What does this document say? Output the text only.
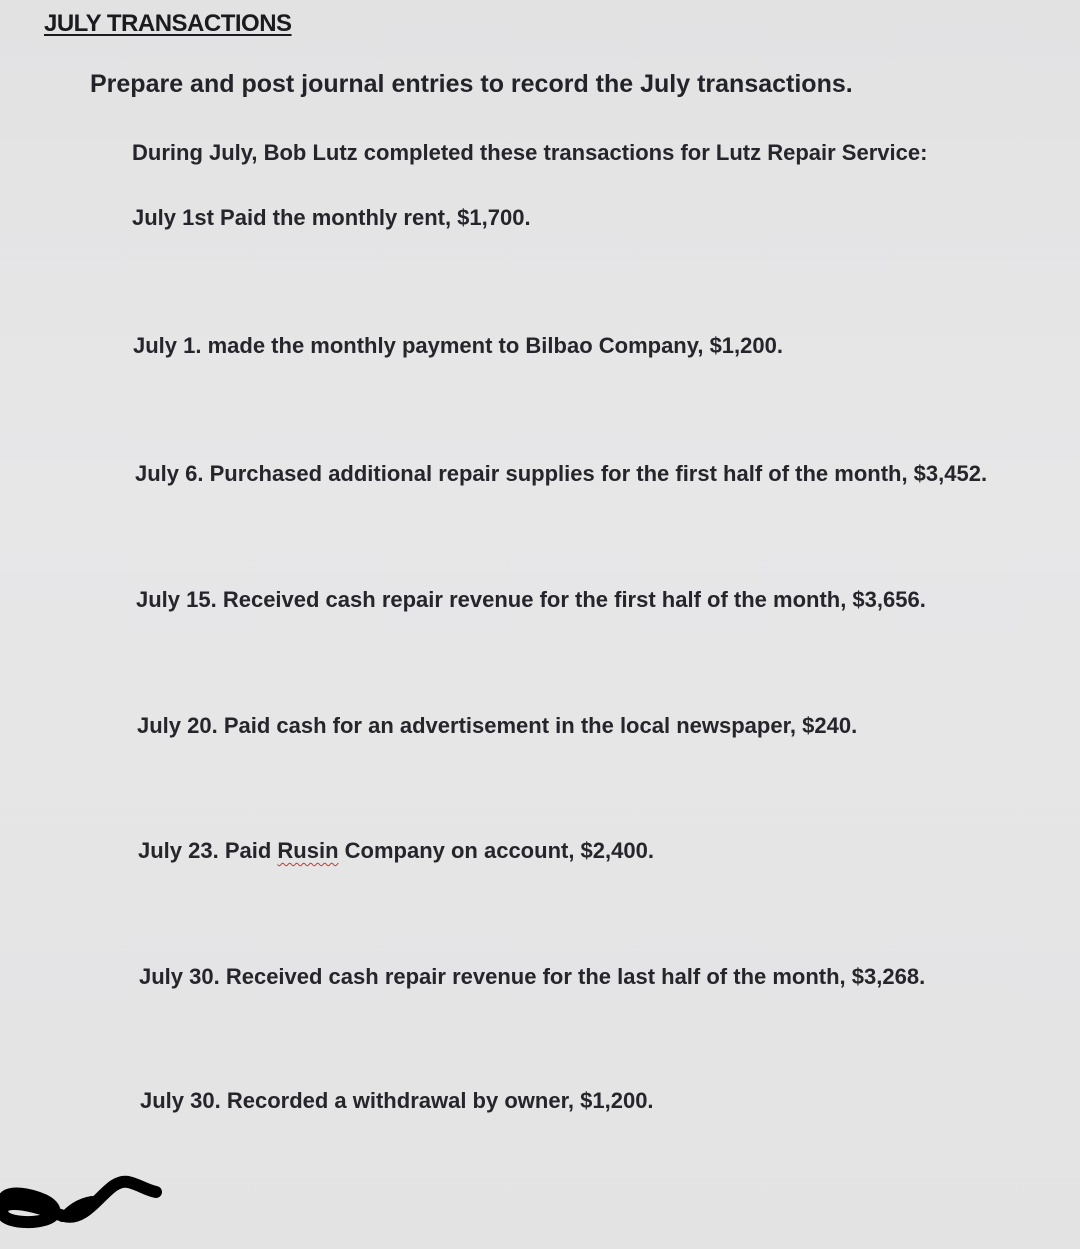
JULY TRANSACTIONS
Prepare and post journal entries to record the July transactions.
During July, Bob Lutz completed these transactions for Lutz Repair Service:
July 1st Paid the monthly rent, $1,700.
July 1. made the monthly payment to Bilbao Company, $1,200.
July 6. Purchased additional repair supplies for the first half of the month, $3,452.
July 15. Received cash repair revenue for the first half of the month, $3,656.
July 20. Paid cash for an advertisement in the local newspaper, $240.
July 23. Paid Rusin Company on account, $2,400.
July 30. Received cash repair revenue for the last half of the month, $3,268.
July 30. Recorded a withdrawal by owner, $1,200.
